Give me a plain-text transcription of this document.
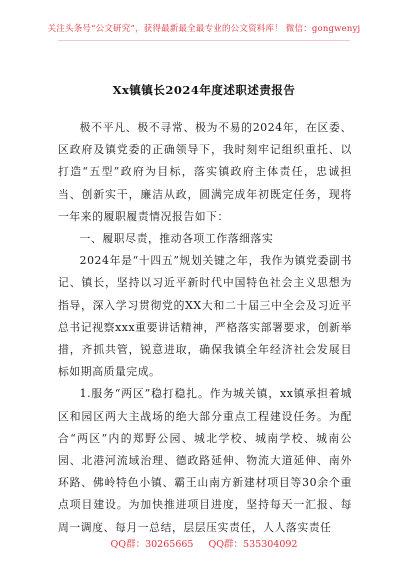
关注头条号“公文研究”，获得最新最全最专业的公文资料库！ 微信：gongwenyj
Xx镇镇长2024年度述职述责报告

极不平凡、极不寻常、极为不易的2024年，在区委、区政府及镇党委的正确领导下，我时刻牢记组织重托、以打造“五型”政府为目标，落实镇政府主体责任，忠诚担当、创新实干，廉洁从政，圆满完成年初既定任务，现将一年来的履职履责情况报告如下：

一、履职尽责，推动各项工作落细落实

2024年是“十四五”规划关键之年，我作为镇党委副书记、镇长，坚持以习近平新时代中国特色社会主义思想为指导，深入学习贯彻党的XX大和二十届三中全会及习近平总书记视察xxx重要讲话精神，严格落实部署要求，创新举措，齐抓共管，锐意进取，确保我镇全年经济社会发展目标如期高质量完成。

1.服务“两区”稳打稳扎。作为城关镇，xx镇承担着城区和园区两大主战场的绝大部分重点工程建设任务。为配合“两区”内的郑野公园、城北学校、城南学校、城南公园、北港河流域治理、德政路延伸、物流大道延伸、南外环路、佛岭特色小镇、霸王山南方新建材项目等30余个重点项目建设。为加快推进项目进度，坚持每天一汇报、每周一调度、每月一总结，层层压实责任，人人落实责任

QQ群：30265665 QQ群：535304092
